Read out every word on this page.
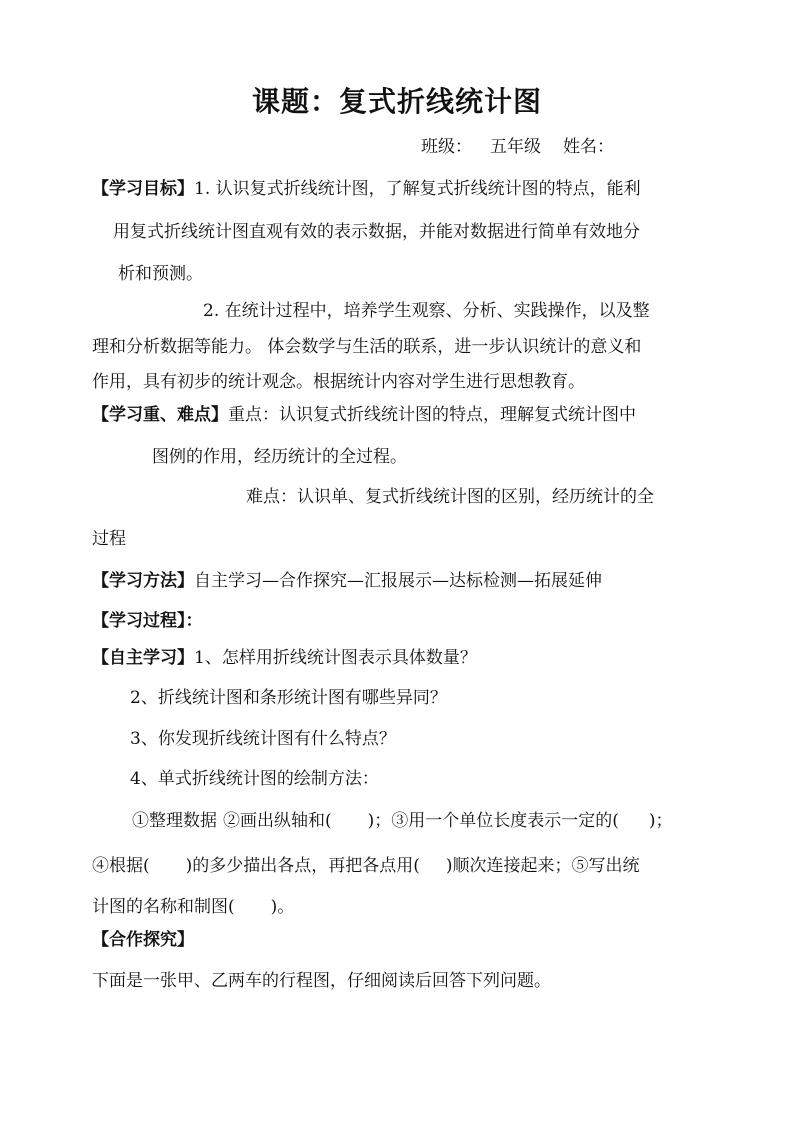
课题：复式折线统计图
班级： 五年级 姓名：
【学习目标】1. 认识复式折线统计图，了解复式折线统计图的特点，能利
用复式折线统计图直观有效的表示数据，并能对数据进行简单有效地分
析和预测。
2. 在统计过程中，培养学生观察、分析、实践操作，以及整
理和分析数据等能力。 体会数学与生活的联系，进一步认识统计的意义和
作用，具有初步的统计观念。根据统计内容对学生进行思想教育。
【学习重、难点】重点：认识复式折线统计图的特点，理解复式统计图中
图例的作用，经历统计的全过程。
难点：认识单、复式折线统计图的区别，经历统计的全
过程
【学习方法】自主学习—合作探究—汇报展示—达标检测—拓展延伸
【学习过程】：
【自主学习】1、怎样用折线统计图表示具体数量？
2、折线统计图和条形统计图有哪些异同？
3、你发现折线统计图有什么特点？
4、单式折线统计图的绘制方法：
①整理数据 ②画出纵轴和( )；③用一个单位长度表示一定的( )；
④根据( )的多少描出各点，再把各点用( )顺次连接起来；⑤写出统
计图的名称和制图( )。
【合作探究】
下面是一张甲、乙两车的行程图，仔细阅读后回答下列问题。
